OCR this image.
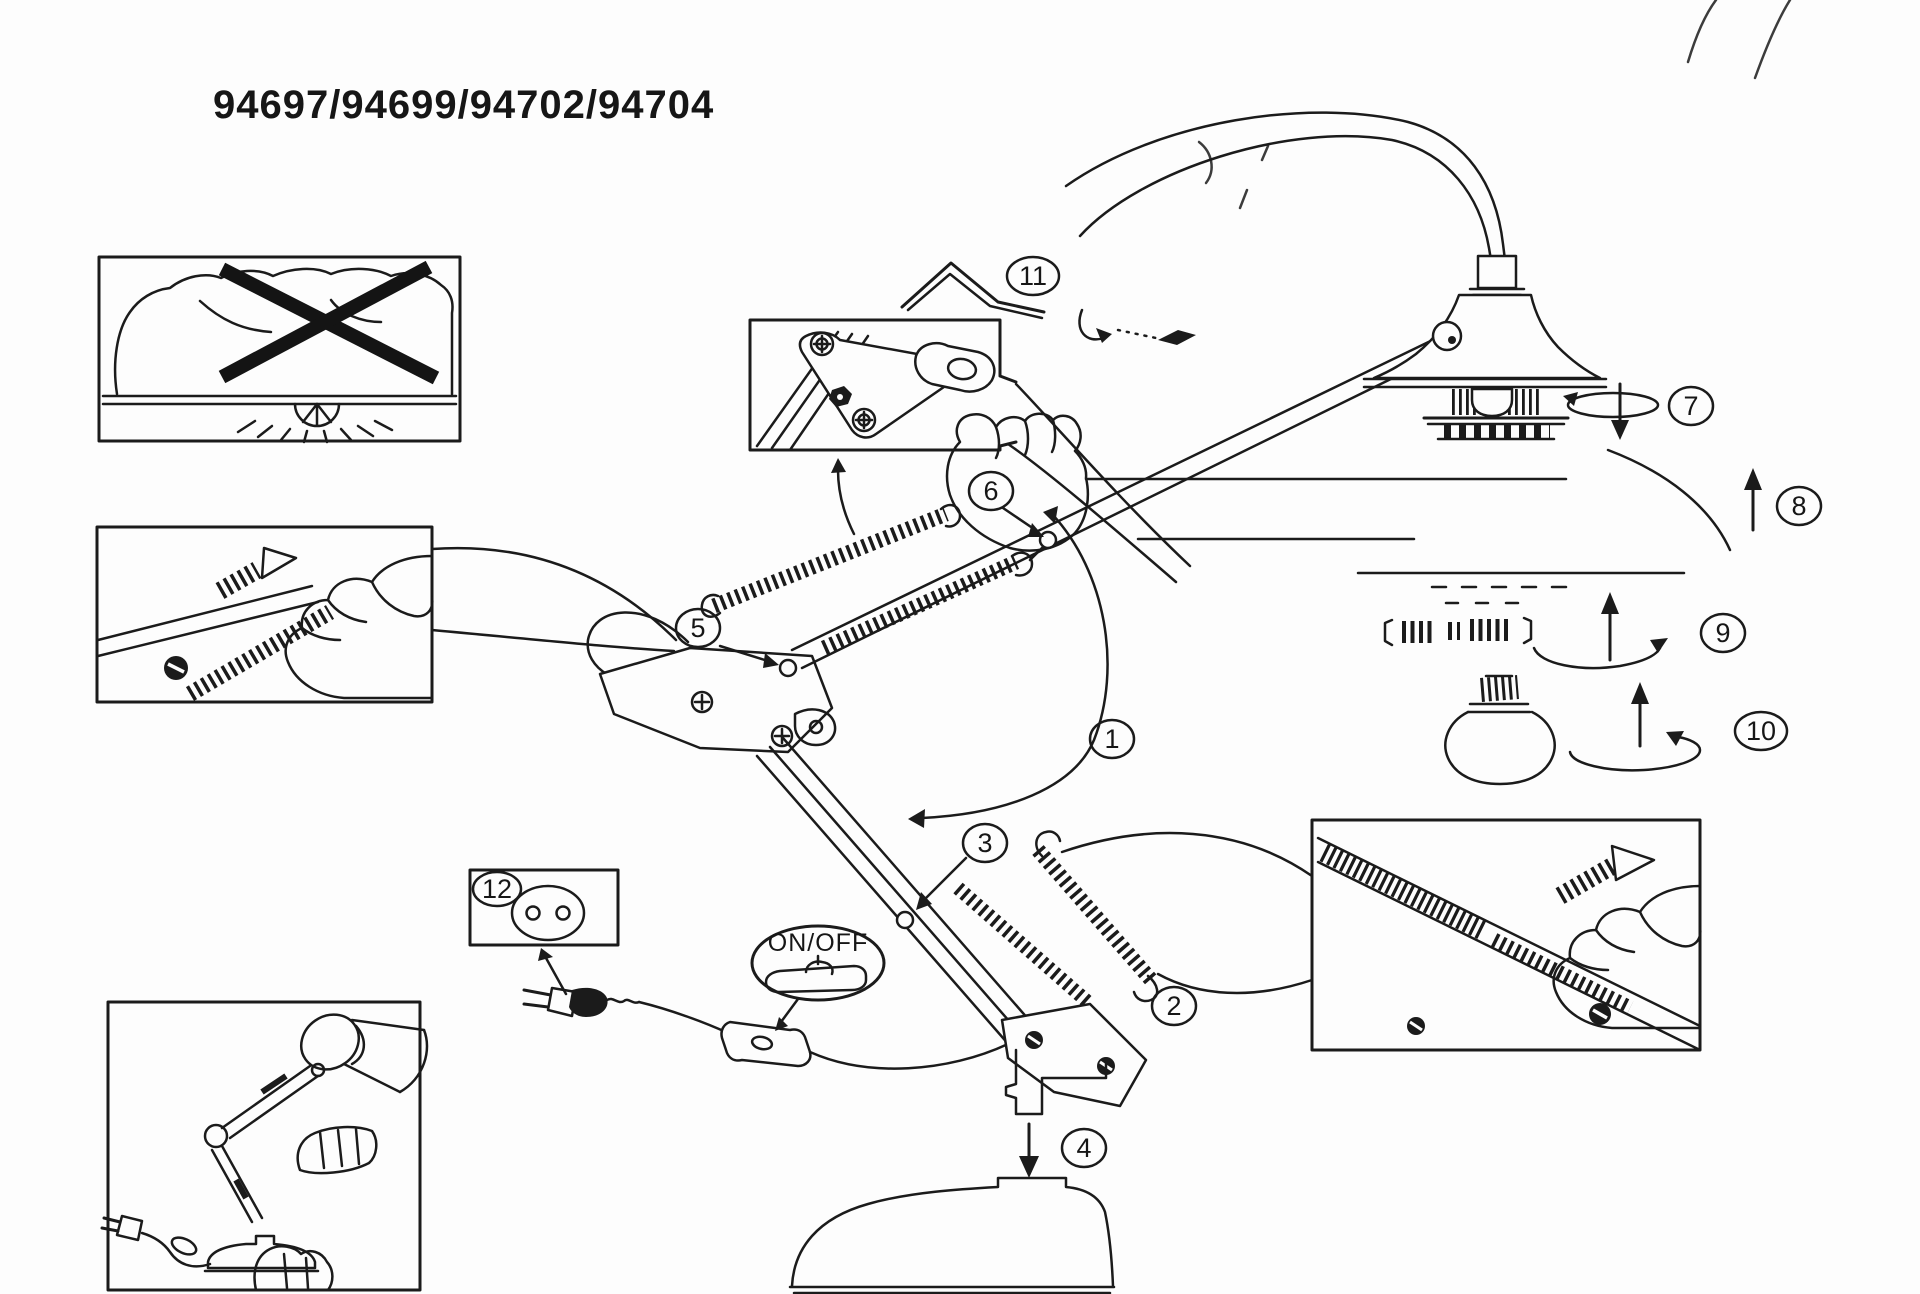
94697/94699/94702/94704
12
ON/OFF
1
2
3
4
5
6
7
8
9
10
11
